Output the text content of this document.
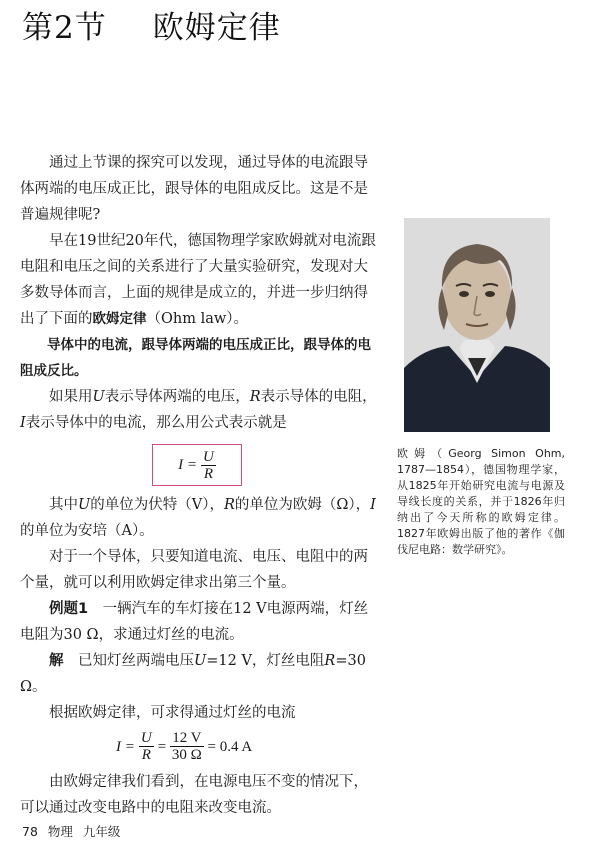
第2节 欧姆定律

通过上节课的探究可以发现，通过导体的电流跟导体两端的电压成正比，跟导体的电阻成反比。这是不是普遍规律呢?

早在19世纪20年代，德国物理学家欧姆就对电流跟电阻和电压之间的关系进行了大量实验研究，发现对大多数导体而言，上面的规律是成立的，并进一步归纳得出了下面的欧姆定律（Ohm law）。

导体中的电流，跟导体两端的电压成正比，跟导体的电阻成反比。

如果用U表示导体两端的电压，R表示导体的电阻，I表示导体中的电流，那么用公式表示就是

$I = \frac{U}{R}$

其中U的单位为伏特（V），R的单位为欧姆（Ω），I的单位为安培（A）。

对于一个导体，只要知道电流、电压、电阻中的两个量，就可以利用欧姆定律求出第三个量。

例题1　 一辆汽车的车灯接在12 V电源两端，灯丝电阻为30 Ω，求通过灯丝的电流。

解　 已知灯丝两端电压U=12 V，灯丝电阻R=30 Ω。

根据欧姆定律，可求得通过灯丝的电流

$I = \frac{U}{R} = \frac{12 V}{30 \Omega} = 0.4$ A

由欧姆定律我们看到，在电源电压不变的情况下，可以通过改变电路中的电阻来改变电流。

欧姆（Georg Simon Ohm, 1787—1854），德国物理学家，从1825年开始研究电流与电源及导线长度的关系，并于1826年归纳出了今天所称的欧姆定律。1827年欧姆出版了他的著作《伽伐尼电路：数学研究》。
78 物理 九年级
